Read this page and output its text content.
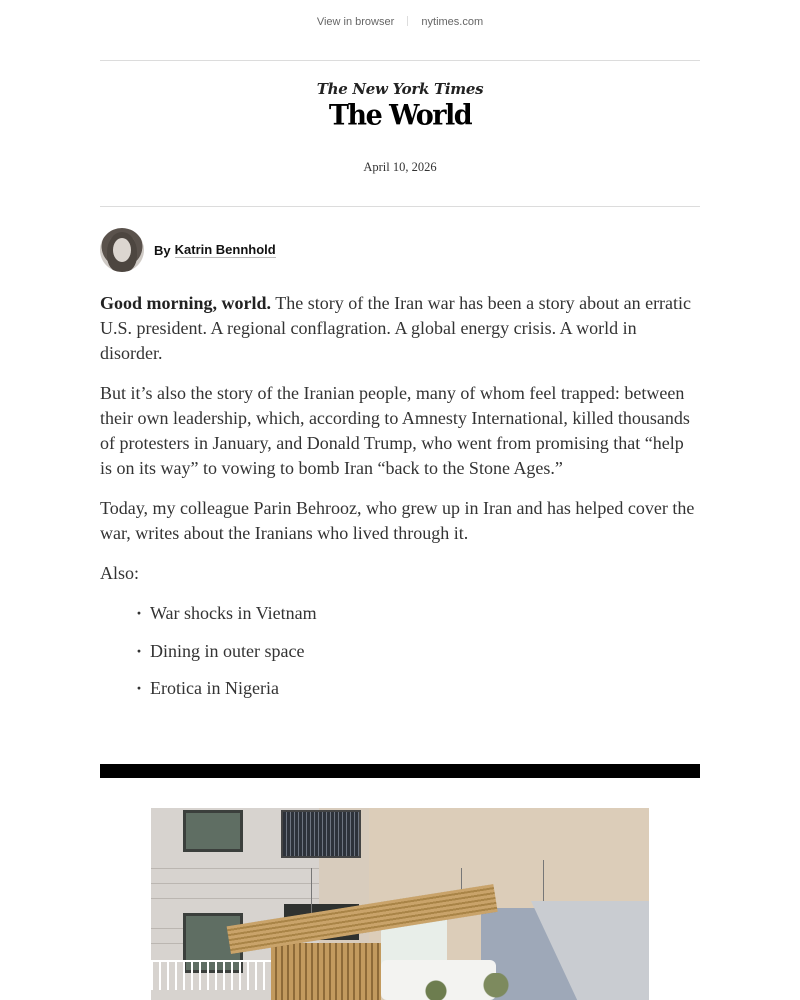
View in browser nytimes.com
The New York Times
The World
April 10, 2026
By Katrin Bennhold

Good morning, world. The story of the Iran war has been a story about an erratic U.S. president. A regional conflagration. A global energy crisis. A world in disorder.

But it’s also the story of the Iranian people, many of whom feel trapped: between their own leadership, which, according to Amnesty International, killed thousands of protesters in January, and Donald Trump, who went from promising that “help is on its way” to vowing to bomb Iran “back to the Stone Ages.”

Today, my colleague Parin Behrooz, who grew up in Iran and has helped cover the war, writes about the Iranians who lived through it.

Also:

· War shocks in Vietnam
· Dining in outer space
· Erotica in Nigeria
